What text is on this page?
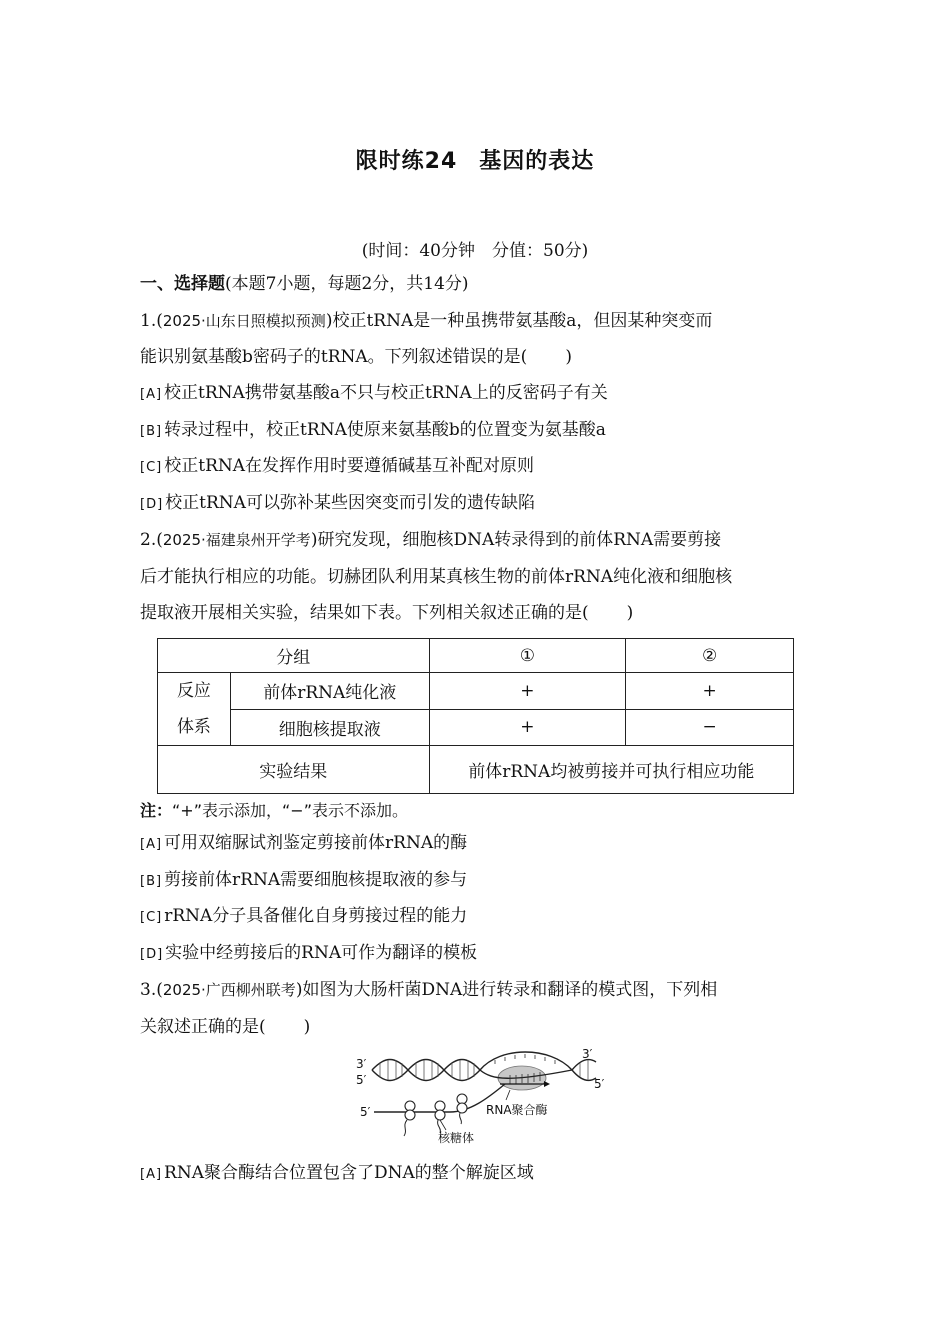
限时练24 基因的表达
(时间：40分钟　分值：50分)
一、选择题(本题7小题，每题2分，共14分)
1.(2025·山东日照模拟预测)校正tRNA是一种虽携带氨基酸a，但因某种突变而
能识别氨基酸b密码子的tRNA。下列叙述错误的是( )
[A] 校正tRNA携带氨基酸a不只与校正tRNA上的反密码子有关
[B] 转录过程中，校正tRNA使原来氨基酸b的位置变为氨基酸a
[C] 校正tRNA在发挥作用时要遵循碱基互补配对原则
[D] 校正tRNA可以弥补某些因突变而引发的遗传缺陷
2.(2025·福建泉州开学考)研究发现，细胞核DNA转录得到的前体RNA需要剪接
后才能执行相应的功能。切赫团队利用某真核生物的前体rRNA纯化液和细胞核
提取液开展相关实验，结果如下表。下列相关叙述正确的是( )
分组		①	②

反应
体系	前体rRNA纯化液	+	+
	细胞核提取液	+	−
实验结果		前体rRNA均被剪接并可执行相应功能	
注：“+”表示添加，“−”表示不添加。
[A] 可用双缩脲试剂鉴定剪接前体rRNA的酶
[B] 剪接前体rRNA需要细胞核提取液的参与
[C] rRNA分子具备催化自身剪接过程的能力
[D] 实验中经剪接后的RNA可作为翻译的模板
3.(2025·广西柳州联考)如图为大肠杆菌DNA进行转录和翻译的模式图，下列相
关叙述正确的是( )
3′
5′
3′
5′
5′	RNA聚合酶
核糖体
[A] RNA聚合酶结合位置包含了DNA的整个解旋区域
